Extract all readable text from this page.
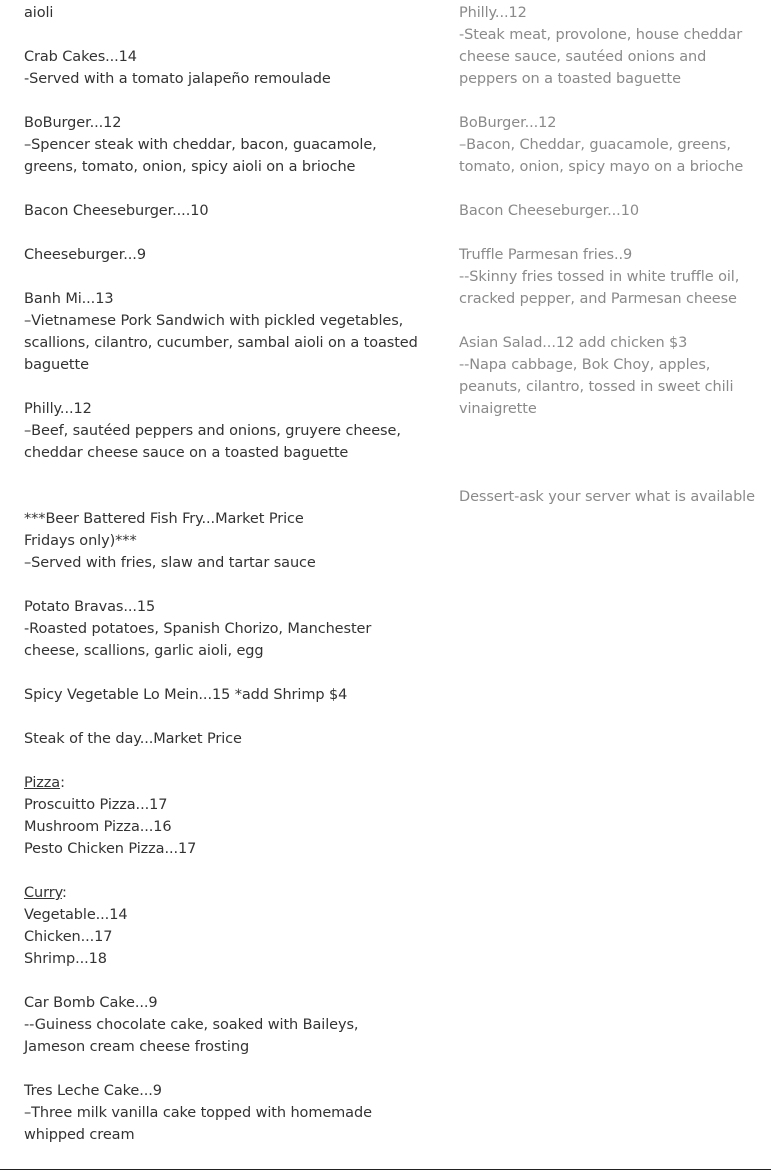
aioli
Crab Cakes...14
-Served with a tomato jalapeño remoulade
BoBurger...12
–Spencer steak with cheddar, bacon, guacamole,
greens, tomato, onion, spicy aioli on a brioche
Bacon Cheeseburger....10
Cheeseburger...9
Banh Mi...13
–Vietnamese Pork Sandwich with pickled vegetables,
scallions, cilantro, cucumber, sambal aioli on a toasted
baguette
Philly...12
–Beef, sautéed peppers and onions, gruyere cheese,
cheddar cheese sauce on a toasted baguette
***Beer Battered Fish Fry...Market Price
Fridays only)***
–Served with fries, slaw and tartar sauce
Potato Bravas...15
-Roasted potatoes, Spanish Chorizo, Manchester
cheese, scallions, garlic aioli, egg
Spicy Vegetable Lo Mein...15 *add Shrimp $4
Steak of the day...Market Price
Pizza:
Proscuitto Pizza...17
Mushroom Pizza...16
Pesto Chicken Pizza...17
Curry:
Vegetable...14
Chicken...17
Shrimp...18
Car Bomb Cake...9
--Guiness chocolate cake, soaked with Baileys,
Jameson cream cheese frosting
Tres Leche Cake...9
–Three milk vanilla cake topped with homemade
whipped cream
Philly...12
-Steak meat, provolone, house cheddar
cheese sauce, sautéed onions and
peppers on a toasted baguette
BoBurger...12
–Bacon, Cheddar, guacamole, greens,
tomato, onion, spicy mayo on a brioche
Bacon Cheeseburger...10
Truffle Parmesan fries..9
--Skinny fries tossed in white truffle oil,
cracked pepper, and Parmesan cheese
Asian Salad...12 add chicken $3
--Napa cabbage, Bok Choy, apples,
peanuts, cilantro, tossed in sweet chili
vinaigrette
Dessert-ask your server what is available
